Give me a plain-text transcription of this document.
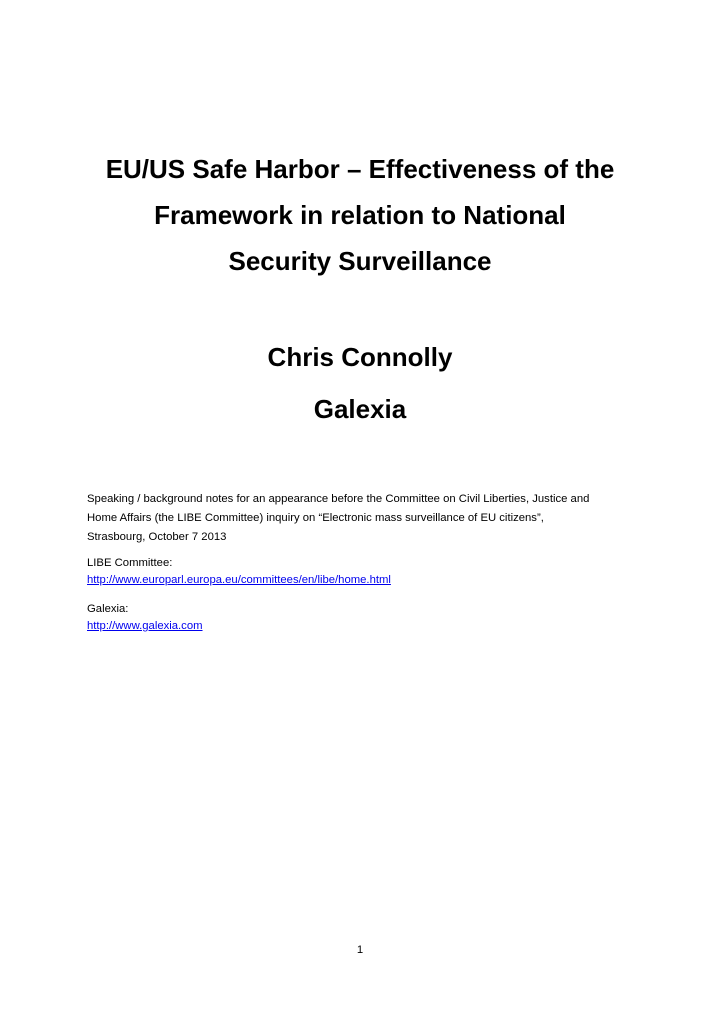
EU/US Safe Harbor – Effectiveness of the
Framework in relation to National
Security Surveillance
Chris Connolly
Galexia
Speaking / background notes for an appearance before the Committee on Civil Liberties, Justice and
Home Affairs (the LIBE Committee) inquiry on “Electronic mass surveillance of EU citizens”,
Strasbourg, October 7 2013
LIBE Committee:
http://www.europarl.europa.eu/committees/en/libe/home.html
Galexia:
http://www.galexia.com
1
